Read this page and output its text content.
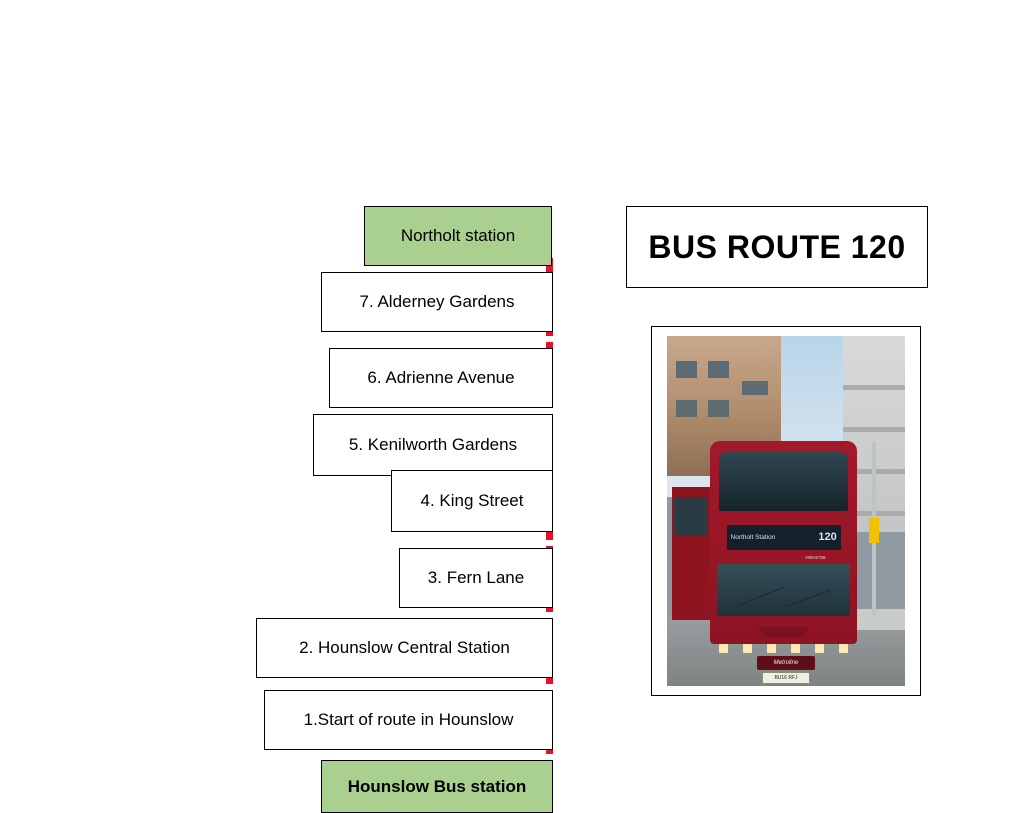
Northolt station
7. Alderney Gardens
6. Adrienne Avenue
5. Kenilworth Gardens
4. King Street
3. Fern Lane
2. Hounslow Central Station
1.Start of route in Hounslow
Hounslow Bus station
BUS ROUTE 120
Northolt Station	120
VWH2706
Metroline
BU16 RFJ
